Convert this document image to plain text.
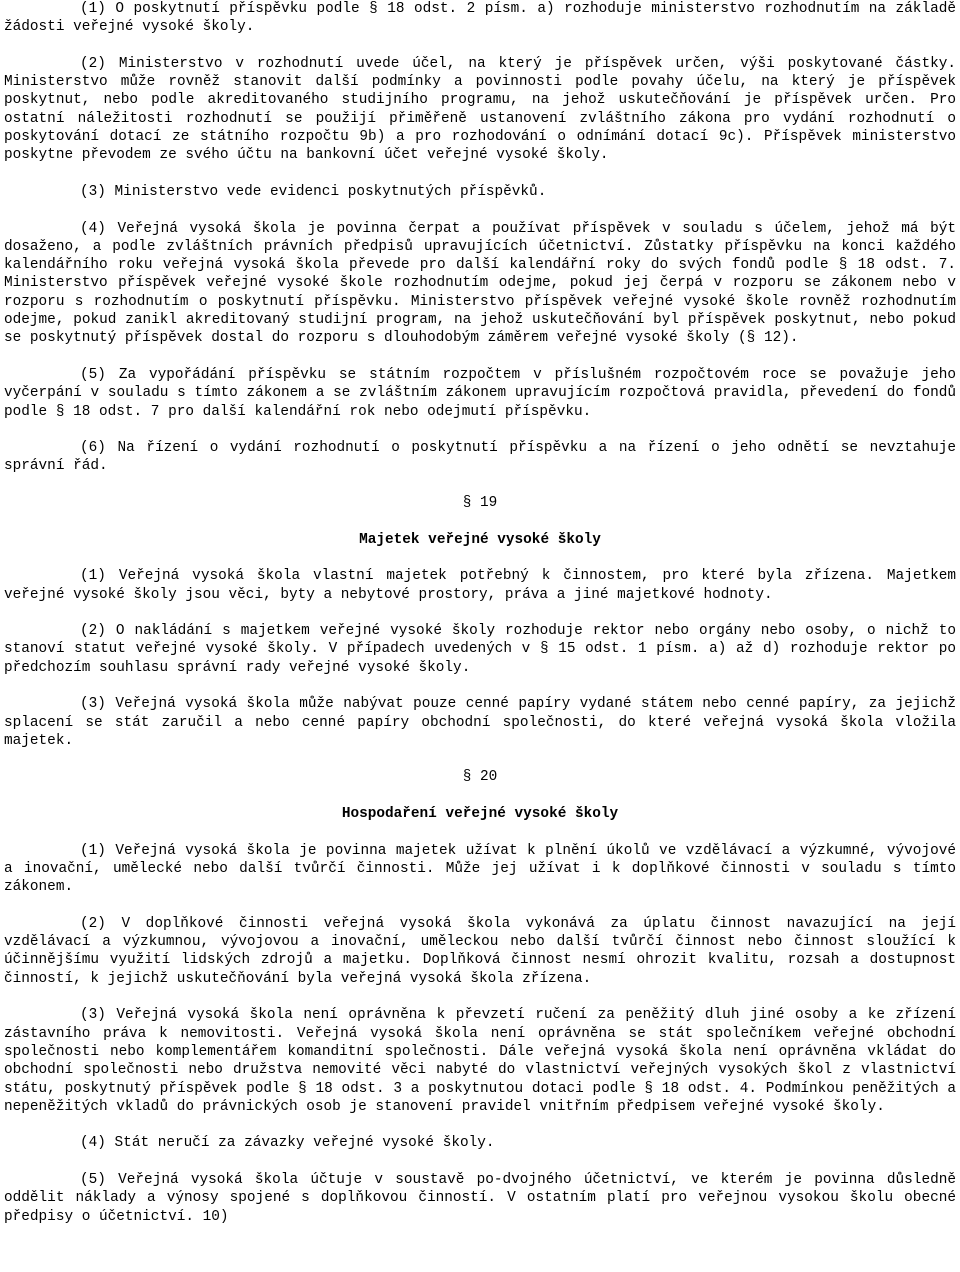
(1) O poskytnutí příspěvku podle § 18 odst. 2 písm. a) rozhoduje ministerstvo rozhodnutím na základě žádosti veřejné vysoké školy.

(2) Ministerstvo v rozhodnutí uvede účel, na který je příspěvek určen, výši poskytované částky. Ministerstvo může rovněž stanovit další podmínky a povinnosti podle povahy účelu, na který je příspěvek poskytnut, nebo podle akreditovaného studijního programu, na jehož uskutečňování je příspěvek určen. Pro ostatní náležitosti rozhodnutí se použijí přiměřeně ustanovení zvláštního zákona pro vydání rozhodnutí o poskytování dotací ze státního rozpočtu 9b) a pro rozhodování o odnímání dotací 9c). Příspěvek ministerstvo poskytne převodem ze svého účtu na bankovní účet veřejné vysoké školy.

(3) Ministerstvo vede evidenci poskytnutých příspěvků.

(4) Veřejná vysoká škola je povinna čerpat a používat příspěvek v souladu s účelem, jehož má být dosaženo, a podle zvláštních právních předpisů upravujících účetnictví. Zůstatky příspěvku na konci každého kalendářního roku veřejná vysoká škola převede pro další kalendářní roky do svých fondů podle § 18 odst. 7. Ministerstvo příspěvek veřejné vysoké škole rozhodnutím odejme, pokud jej čerpá v rozporu se zákonem nebo v rozporu s rozhodnutím o poskytnutí příspěvku. Ministerstvo příspěvek veřejné vysoké škole rovněž rozhodnutím odejme, pokud zanikl akreditovaný studijní program, na jehož uskutečňování byl příspěvek poskytnut, nebo pokud se poskytnutý příspěvek dostal do rozporu s dlouhodobým záměrem veřejné vysoké školy (§ 12).

(5) Za vypořádání příspěvku se státním rozpočtem v příslušném rozpočtovém roce se považuje jeho vyčerpání v souladu s tímto zákonem a se zvláštním zákonem upravujícím rozpočtová pravidla, převedení do fondů podle § 18 odst. 7 pro další kalendářní rok nebo odejmutí příspěvku.

(6) Na řízení o vydání rozhodnutí o poskytnutí příspěvku a na řízení o jeho odnětí se nevztahuje správní řád.

§ 19
Majetek veřejné vysoké školy

(1) Veřejná vysoká škola vlastní majetek potřebný k činnostem, pro které byla zřízena. Majetkem veřejné vysoké školy jsou věci, byty a nebytové prostory, práva a jiné majetkové hodnoty.

(2) O nakládání s majetkem veřejné vysoké školy rozhoduje rektor nebo orgány nebo osoby, o nichž to stanoví statut veřejné vysoké školy. V případech uvedených v § 15 odst. 1 písm. a) až d) rozhoduje rektor po předchozím souhlasu správní rady veřejné vysoké školy.

(3) Veřejná vysoká škola může nabývat pouze cenné papíry vydané státem nebo cenné papíry, za jejichž splacení se stát zaručil a nebo cenné papíry obchodní společnosti, do které veřejná vysoká škola vložila majetek.

§ 20
Hospodaření veřejné vysoké školy

(1) Veřejná vysoká škola je povinna majetek užívat k plnění úkolů ve vzdělávací a výzkumné, vývojové a inovační, umělecké nebo další tvůrčí činnosti. Může jej užívat i k doplňkové činnosti v souladu s tímto zákonem.

(2) V doplňkové činnosti veřejná vysoká škola vykonává za úplatu činnost navazující na její vzdělávací a výzkumnou, vývojovou a inovační, uměleckou nebo další tvůrčí činnost nebo činnost sloužící k účinnějšímu využití lidských zdrojů a majetku. Doplňková činnost nesmí ohrozit kvalitu, rozsah a dostupnost činností, k jejichž uskutečňování byla veřejná vysoká škola zřízena.

(3) Veřejná vysoká škola není oprávněna k převzetí ručení za peněžitý dluh jiné osoby a ke zřízení zástavního práva k nemovitosti. Veřejná vysoká škola není oprávněna se stát společníkem veřejné obchodní společnosti nebo komplementářem komanditní společnosti. Dále veřejná vysoká škola není oprávněna vkládat do obchodní společnosti nebo družstva nemovité věci nabyté do vlastnictví veřejných vysokých škol z vlastnictví státu, poskytnutý příspěvek podle § 18 odst. 3 a poskytnutou dotaci podle § 18 odst. 4. Podmínkou peněžitých a nepeněžitých vkladů do právnických osob je stanovení pravidel vnitřním předpisem veřejné vysoké školy.

(4) Stát neručí za závazky veřejné vysoké školy.

(5) Veřejná vysoká škola účtuje v soustavě po-dvojného účetnictví, ve kterém je povinna důsledně oddělit náklady a výnosy spojené s doplňkovou činností. V ostatním platí pro veřejnou vysokou školu obecné předpisy o účetnictví. 10)
